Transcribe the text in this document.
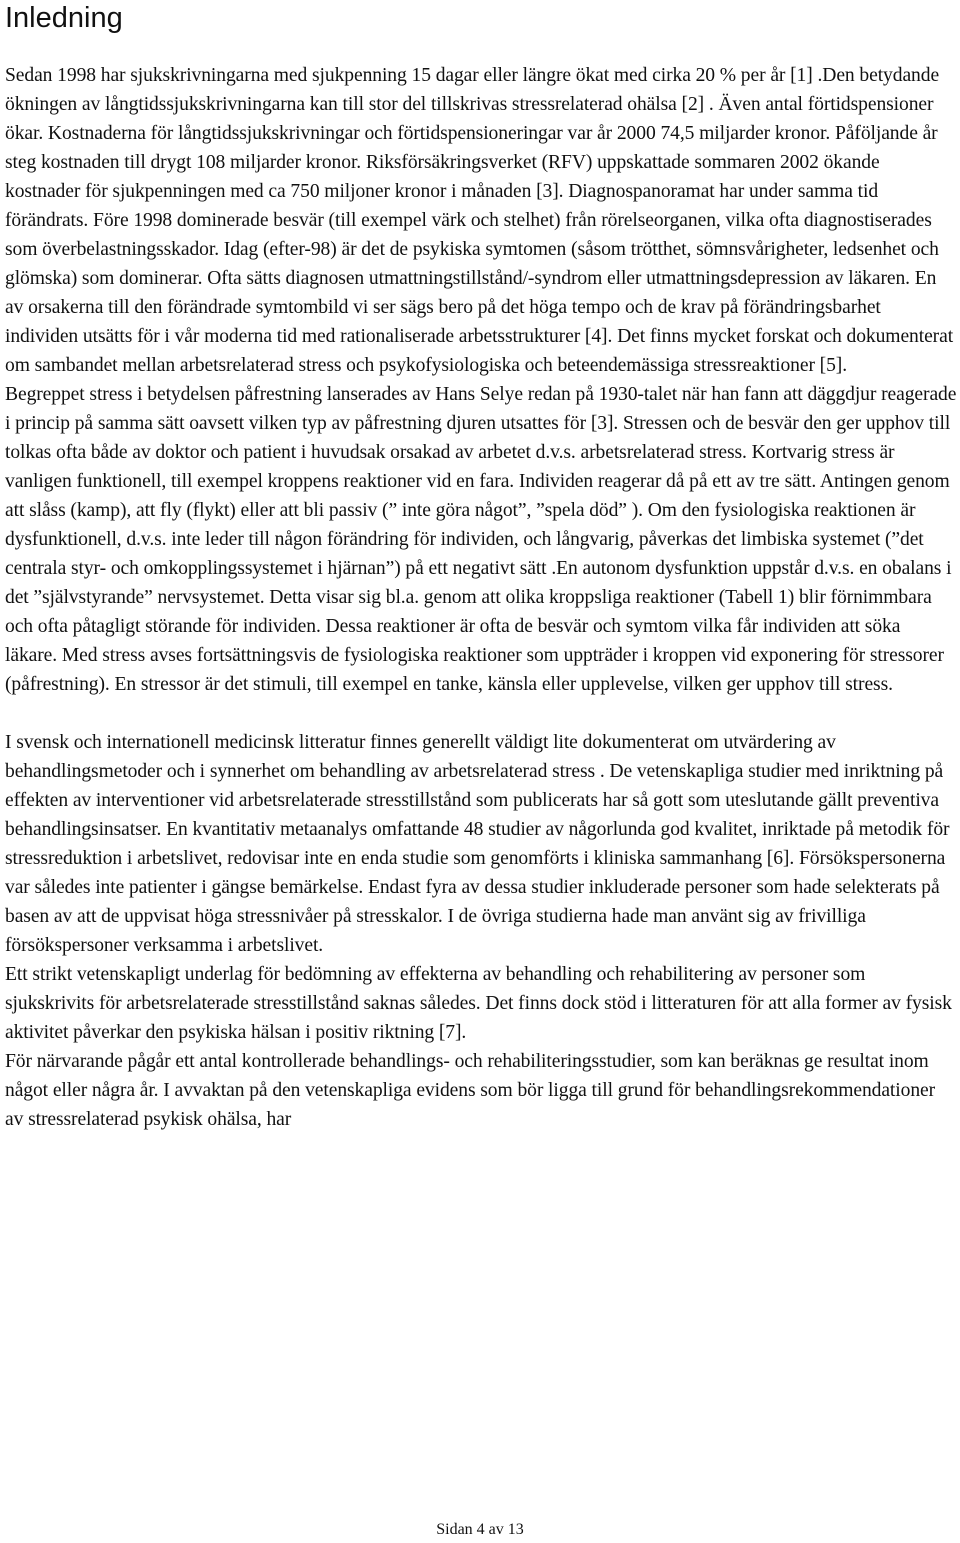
Inledning

Sedan 1998 har sjukskrivningarna med sjukpenning 15 dagar eller längre ökat med cirka 20 % per år [1] .Den betydande ökningen av långtidssjukskrivningarna kan till stor del tillskrivas stressrelaterad ohälsa [2] . Även antal förtidspensioner ökar. Kostnaderna för långtidssjukskrivningar och förtidspensioneringar var år 2000 74,5 miljarder kronor. Påföljande år steg kostnaden till drygt 108 miljarder kronor. Riksförsäkringsverket (RFV) uppskattade sommaren 2002 ökande kostnader för sjukpenningen med ca 750 miljoner kronor i månaden [3]. Diagnospanoramat har under samma tid förändrats. Före 1998 dominerade besvär (till exempel värk och stelhet) från rörelseorganen, vilka ofta diagnostiserades som överbelastningsskador. Idag (efter-98) är det de psykiska symtomen (såsom trötthet, sömnsvårigheter, ledsenhet och glömska) som dominerar. Ofta sätts diagnosen utmattningstillstånd/-syndrom eller utmattningsdepression av läkaren. En av orsakerna till den förändrade symtombild vi ser sägs bero på det höga tempo och de krav på förändringsbarhet individen utsätts för i vår moderna tid med rationaliserade arbetsstrukturer [4]. Det finns mycket forskat och dokumenterat om sambandet mellan arbetsrelaterad stress och psykofysiologiska och beteendemässiga stressreaktioner [5].

Begreppet stress i betydelsen påfrestning lanserades av Hans Selye redan på 1930-talet när han fann att däggdjur reagerade i princip på samma sätt oavsett vilken typ av påfrestning djuren utsattes för [3]. Stressen och de besvär den ger upphov till tolkas ofta både av doktor och patient i huvudsak orsakad av arbetet d.v.s. arbetsrelaterad stress. Kortvarig stress är vanligen funktionell, till exempel kroppens reaktioner vid en fara. Individen reagerar då på ett av tre sätt. Antingen genom att slåss (kamp), att fly (flykt) eller att bli passiv (” inte göra något”, ”spela död” ). Om den fysiologiska reaktionen är dysfunktionell, d.v.s. inte leder till någon förändring för individen, och långvarig, påverkas det limbiska systemet (”det centrala styr- och omkopplingssystemet i hjärnan”) på ett negativt sätt .En autonom dysfunktion uppstår d.v.s. en obalans i det ”självstyrande” nervsystemet. Detta visar sig bl.a. genom att olika kroppsliga reaktioner (Tabell 1) blir förnimmbara och ofta påtagligt störande för individen. Dessa reaktioner är ofta de besvär och symtom vilka får individen att söka läkare. Med stress avses fortsättningsvis de fysiologiska reaktioner som uppträder i kroppen vid exponering för stressorer (påfrestning). En stressor är det stimuli, till exempel en tanke, känsla eller upplevelse, vilken ger upphov till stress.

I svensk och internationell medicinsk litteratur finnes generellt väldigt lite dokumenterat om utvärdering av behandlingsmetoder och i synnerhet om behandling av arbetsrelaterad stress . De vetenskapliga studier med inriktning på effekten av interventioner vid arbetsrelaterade stresstillstånd som publicerats har så gott som uteslutande gällt preventiva behandlingsinsatser. En kvantitativ metaanalys omfattande 48 studier av någorlunda god kvalitet, inriktade på metodik för stressreduktion i arbetslivet, redovisar inte en enda studie som genomförts i kliniska sammanhang [6]. Försökspersonerna var således inte patienter i gängse bemärkelse. Endast fyra av dessa studier inkluderade personer som hade selekterats på basen av att de uppvisat höga stressnivåer på stresskalor. I de övriga studierna hade man använt sig av frivilliga försökspersoner verksamma i arbetslivet.

Ett strikt vetenskapligt underlag för bedömning av effekterna av behandling och rehabilitering av personer som sjukskrivits för arbetsrelaterade stresstillstånd saknas således. Det finns dock stöd i litteraturen för att alla former av fysisk aktivitet påverkar den psykiska hälsan i positiv riktning [7].

För närvarande pågår ett antal kontrollerade behandlings- och rehabiliteringsstudier, som kan beräknas ge resultat inom något eller några år. I avvaktan på den vetenskapliga evidens som bör ligga till grund för behandlingsrekommendationer av stressrelaterad psykisk ohälsa, har

Sidan 4 av 13
